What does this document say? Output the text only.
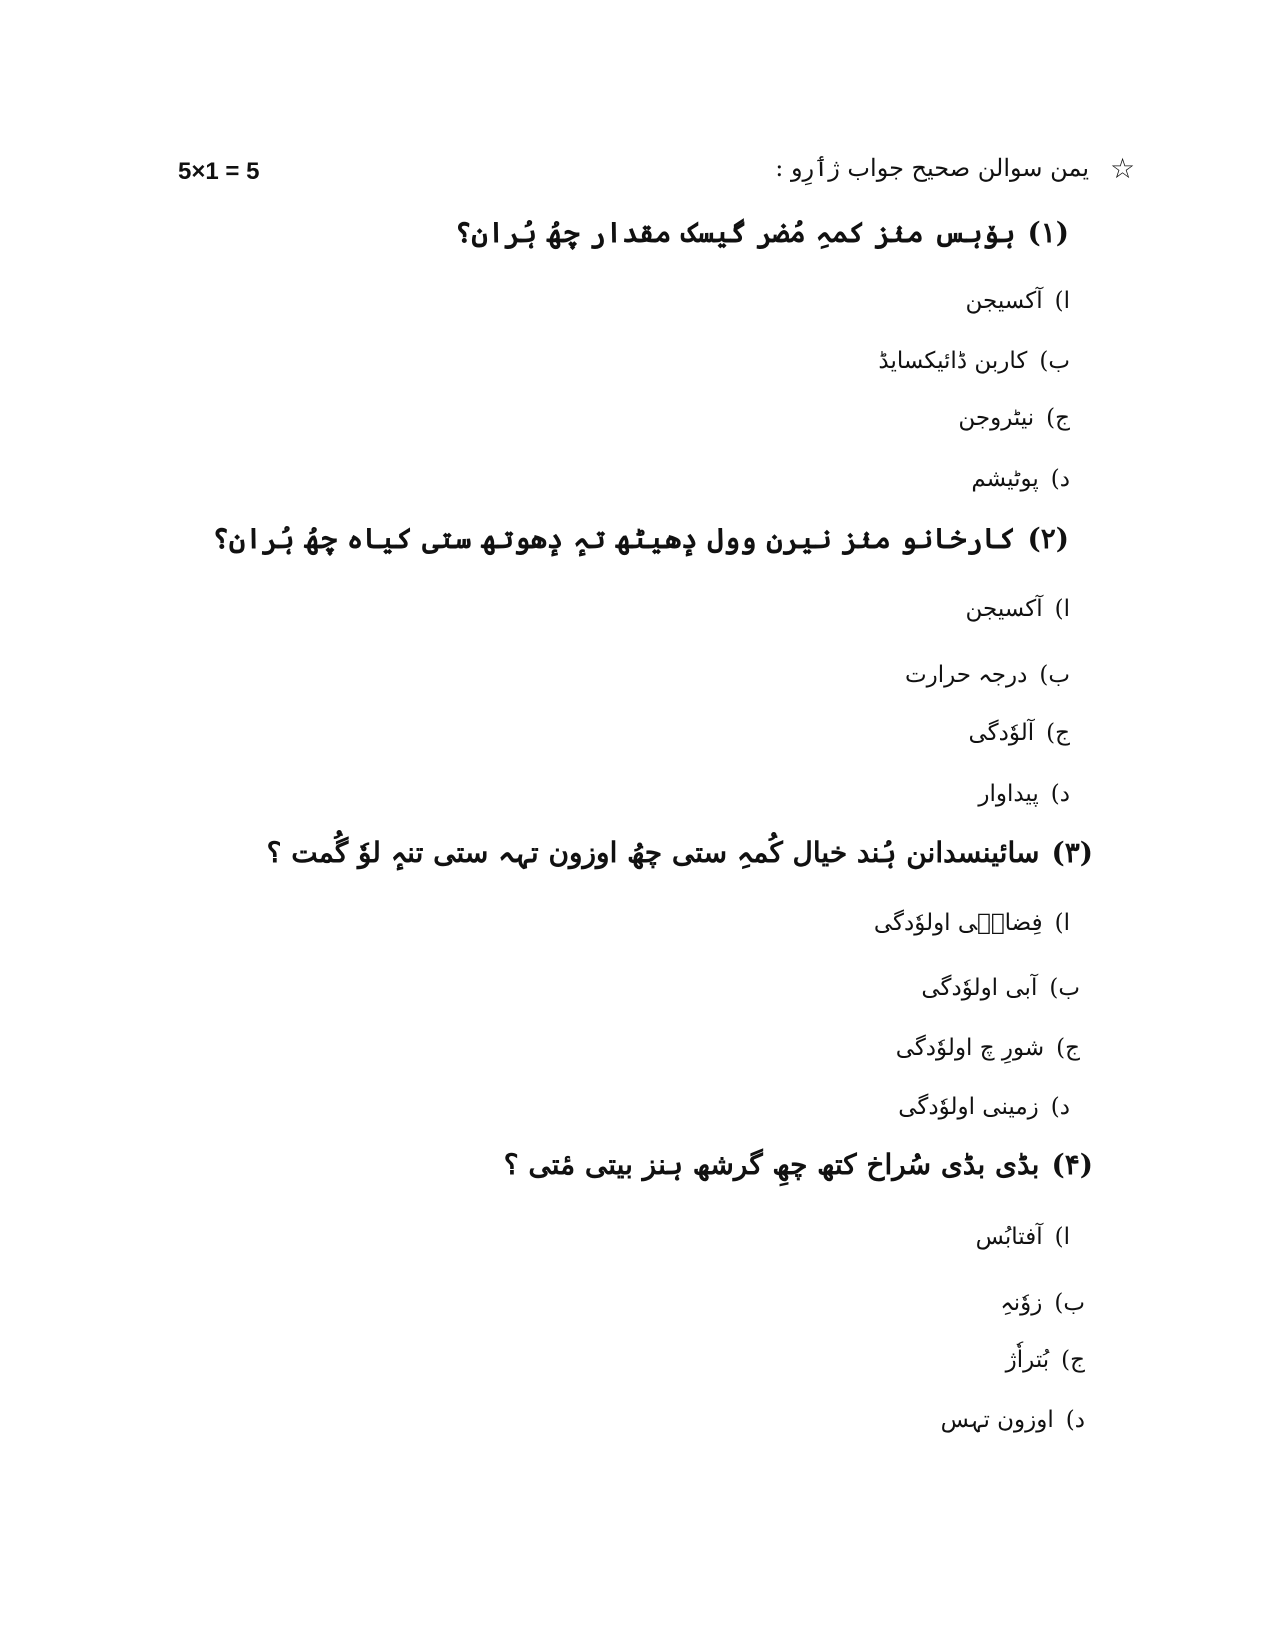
5×1 = 5	☆
یمن سوالن صحیح جواب ژٲرِو :
(۱)ہوٚہس منٛز کمہِ مُضر گیسک مقدار چھُ ہُران؟
ا)آکسیجن
ب)کاربن ڈائیکسایڈ
ج)نیٹروجن
د)پوٹیشم
(۲)کارخانو منٛز نیرن وول دٕھیٹھ تہٕ دٕھوتھ ستی کیاہ چھُ ہُران؟
ا)آکسیجن
ب)درجہ حرارت
ج)آلوٗدگی
د)پیداوار
(۳)سائینسدانن ہُند خیال کُمہِ ستی چھُ اوزون تہہ ستی تنہٕ لوٗ گُمت ؟
ا)فِضاٮ۪ی اولوٗدگی
ب)آبی اولوٗدگی
ج)شورِ چ اولوٗدگی
د)زمینی اولوٗدگی
(۴)بڈی بڈی سُراخ کتھ چھِ گرشھ ہنز بیتی مٔتی ؟
ا)آفتابُس
ب)زوٗنہِ
ج)بُتراٗژ
د)اوزون تہس
